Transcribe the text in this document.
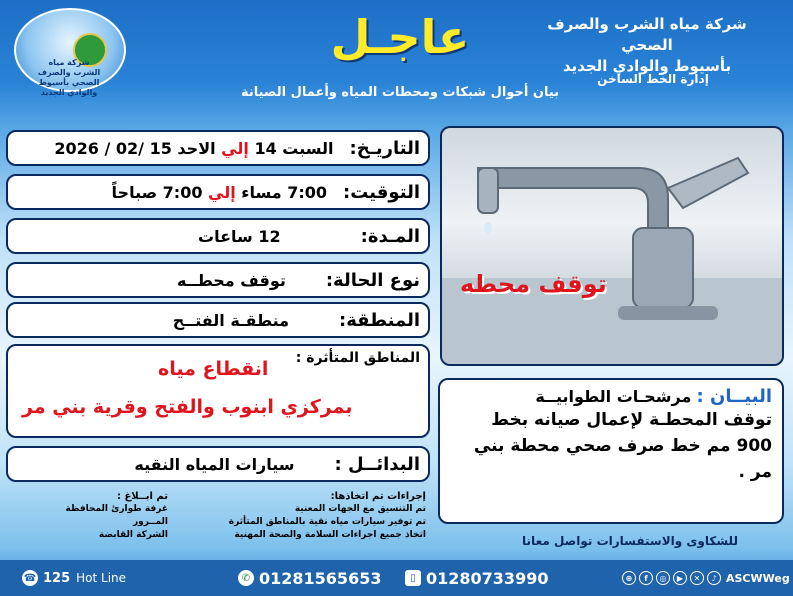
شركة مياه الشرب والصرف الصحي بأسيوط والوادي الجديد
عاجـل
بيان أحوال شبكات ومحطات المياه وأعمال الصيانة
شركة مياه الشرب والصرف الصحي
بأسيوط والوادي الجديد
إدارة الخط الساخن
التاريـخ:
السبت 14 إلي الاحد 15 /02 / 2026
التوقيت:
7:00 مساء إلي 7:00 صباحاً
المـدة:
12 ساعات
نوع الحالة:
توقف محطــه
المنطقة:
منطقـة الفتــح
المناطق المتأثرة :
انقطاع مياه
بمركزي ابنوب والفتح وقرية بني مر
البدائــل :
سيارات المياه النقيه
توقف محطه
البيــان : مرشحـات الطوابيــة
توقف المحطـة لإعمال صيانه بخط 900 مم خط صرف صحي محطة بني مر .
إجراءات تم اتخاذها:
تم التنسيق مع الجهات المعنية
تم توفير سيارات مياه نقية بالمناطق المتأثرة
اتخاذ جميع اجراءات السلامة والصحة المهنية
تم ابــلاغ :
غرفة طوارئ المحافظة
المــرور
الشركة القابضة	للشكاوى والاستفسارات تواصل معانا
☎ 125 Hot Line	✆ 01281565653	▯ 01280733990	⊕	f	◎	▶	✕	♪ ASCWWeg
